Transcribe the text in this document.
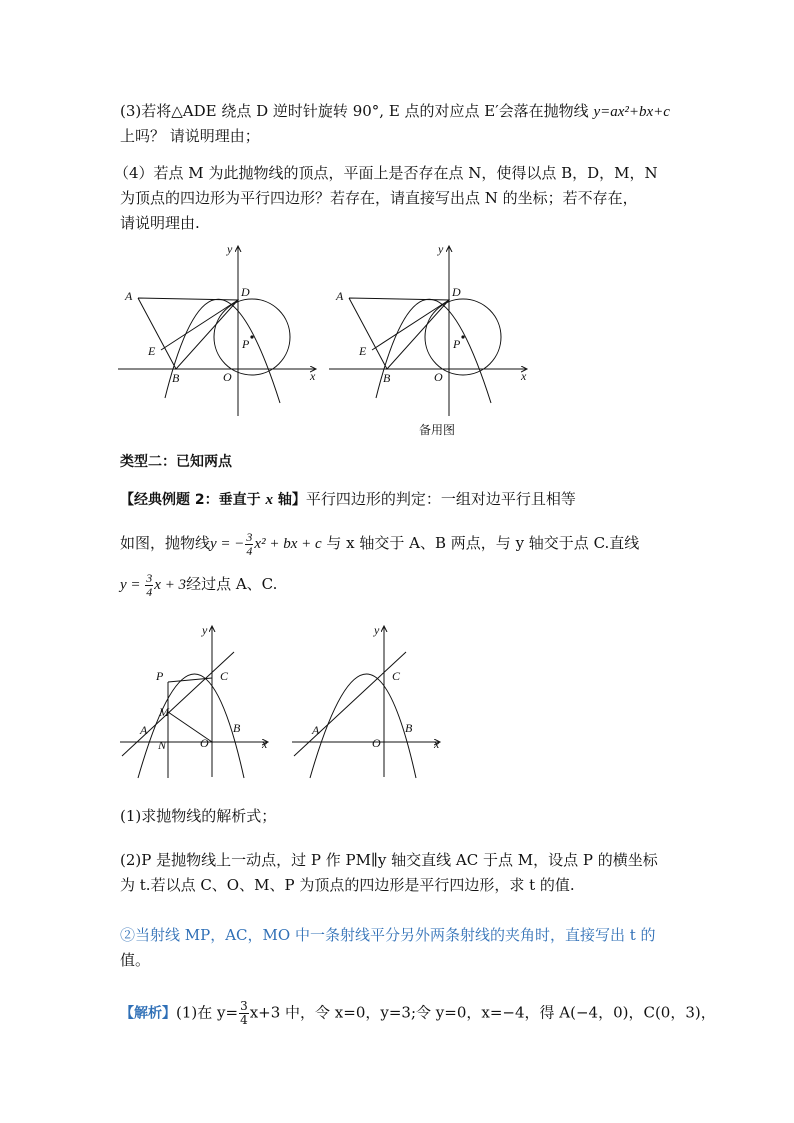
(3)若将△ADE 绕点 D 逆时针旋转 90°, E 点的对应点 E′会落在抛物线 y=ax²+bx+c
上吗？ 请说明理由；
（4）若点 M 为此抛物线的顶点，平面上是否存在点 N，使得以点 B，D，M，N
为顶点的四边形为平行四边形？若存在，请直接写出点 N 的坐标；若不存在，
请说明理由.
y
A	D
E	P
B	O	x
y
A	D
E	P
B	O	x
备用图
类型二：已知两点
【经典例题 2：垂直于 x 轴】平行四边形的判定：一组对边平行且相等
如图，抛物线y = − $\frac{3}{4} x^2$ + bx + c 与 x 轴交于 A、B 两点，与 y 轴交于点 C.直线
$y = \frac{3}{4}$ x + 3经过点 A、C.
y
P	C
M
A
N	O
B
x
y
C
A
O
B
x
(1)求抛物线的解析式；
(2)P 是抛物线上一动点，过 P 作 PM∥y 轴交直线 AC 于点 M，设点 P 的横坐标
为 t.若以点 C、O、M、P 为顶点的四边形是平行四边形，求 t 的值.
②当射线 MP，AC，MO 中一条射线平分另外两条射线的夹角时，直接写出 t 的
值。
【解析】(1)在 $y= \frac{3}{4} x+3$ 中，令 x=0，y=3;令 y=0，x=−4，得 A(−4，0)，C(0，3)，
